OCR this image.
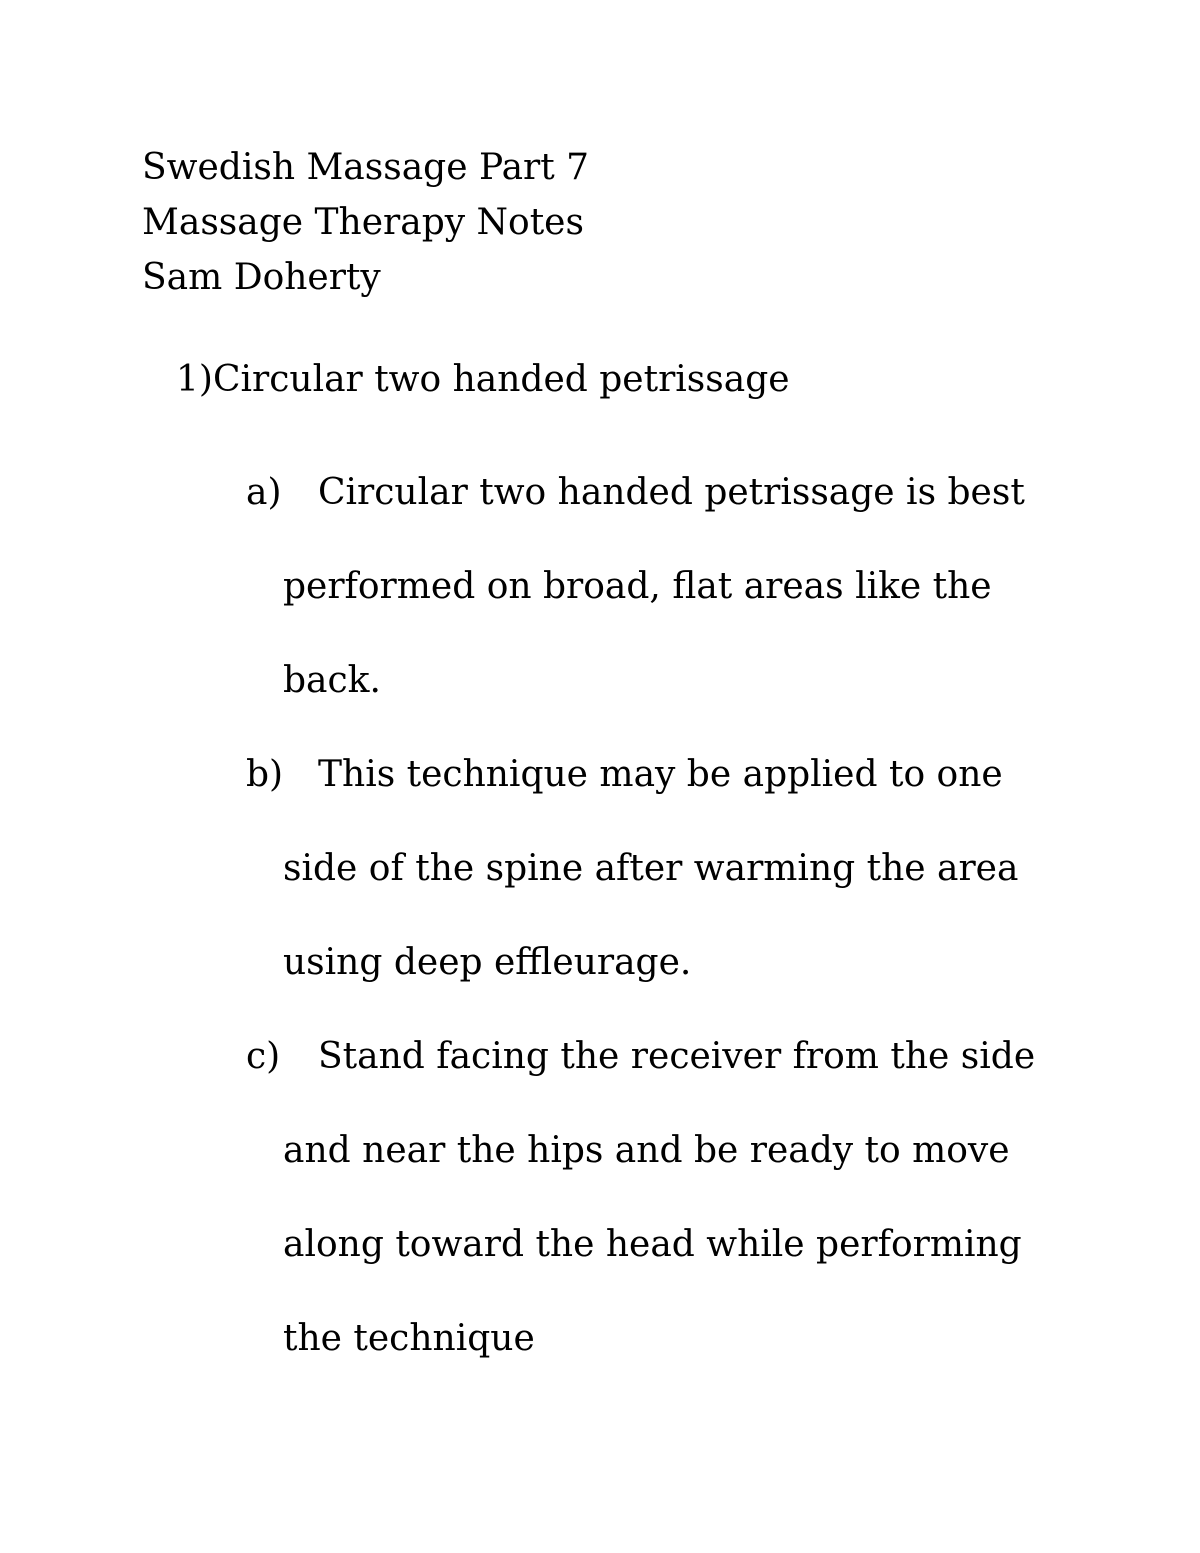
Swedish Massage Part 7
Massage Therapy Notes
Sam Doherty
1)Circular two handed petrissage
a)	Circular two handed petrissage is best
performed on broad, flat areas like the
back.
b) This technique may be applied to one
side of the spine after warming the area
using deep effleurage.
c)	Stand facing the receiver from the side
and near the hips and be ready to move
along toward the head while performing
the technique
